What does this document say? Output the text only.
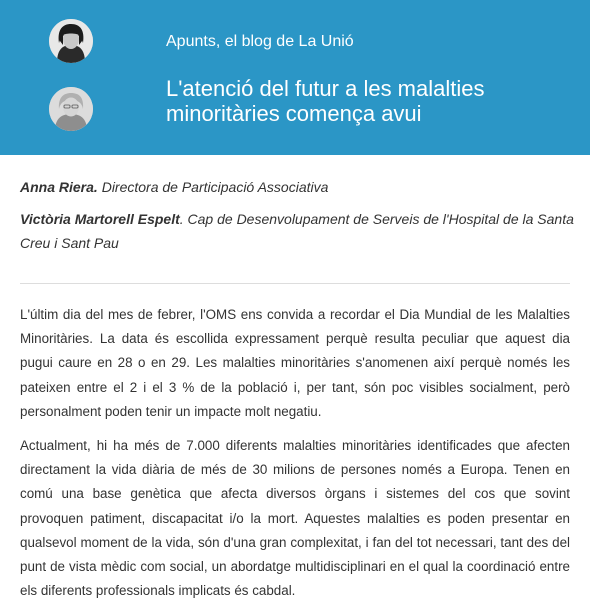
Apunts, el blog de La Unió
L'atenció del futur a les malalties minoritàries comença avui

Anna Riera. Directora de Participació Associativa

Victòria Martorell Espelt. Cap de Desenvolupament de Serveis de l'Hospital de la Santa Creu i Sant Pau

L'últim dia del mes de febrer, l'OMS ens convida a recordar el Dia Mundial de les Malalties Minoritàries. La data és escollida expressament perquè resulta peculiar que aquest dia pugui caure en 28 o en 29. Les malalties minoritàries s'anomenen així perquè només les pateixen entre el 2 i el 3 % de la població i, per tant, són poc visibles socialment, però personalment poden tenir un impacte molt negatiu.

Actualment, hi ha més de 7.000 diferents malalties minoritàries identificades que afecten directament la vida diària de més de 30 milions de persones només a Europa. Tenen en comú una base genètica que afecta diversos òrgans i sistemes del cos que sovint provoquen patiment, discapacitat i/o la mort. Aquestes malalties es poden presentar en qualsevol moment de la vida, són d'una gran complexitat, i fan del tot necessari, tant des del punt de vista mèdic com social, un abordatge multidisciplinari en el qual la coordinació entre els diferents professionals implicats és cabdal.
